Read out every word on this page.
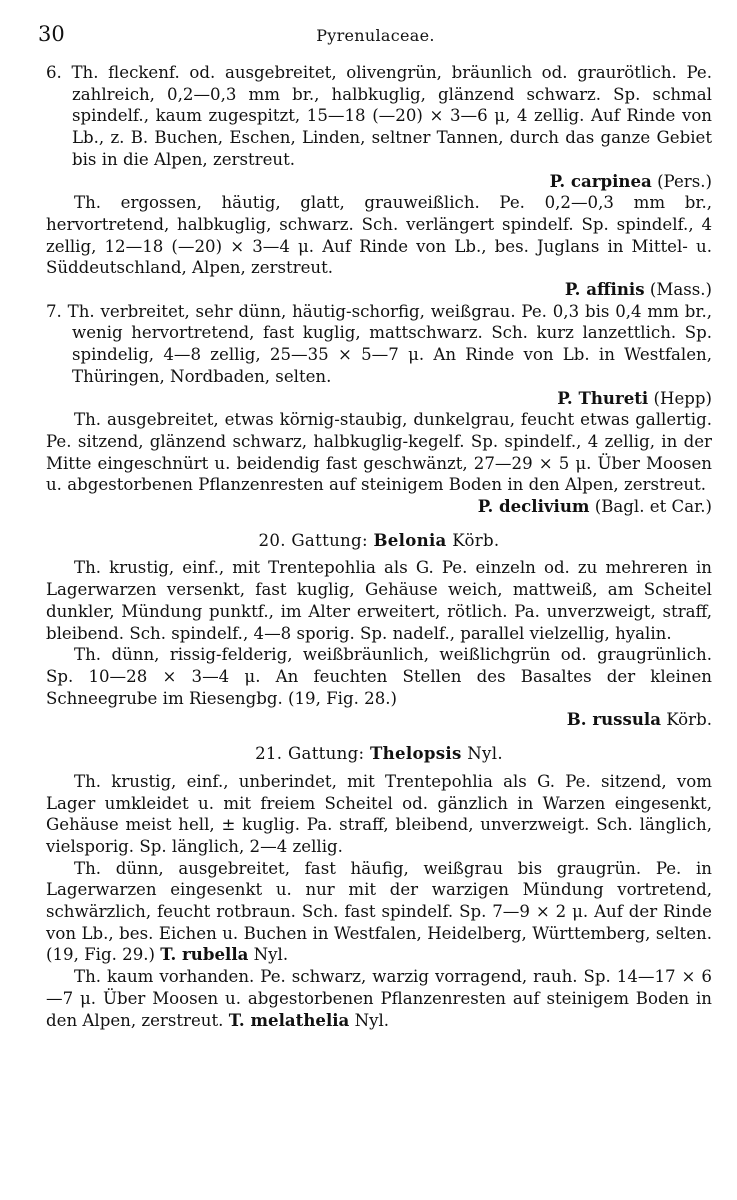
30	Pyrenulaceae.

6. Th. fleckenf. od. ausgebreitet, olivengrün, bräunlich od. graurötlich. Pe. zahlreich, 0,2—0,3 mm br., halbkuglig, glänzend schwarz. Sp. schmal spindelf., kaum zugespitzt, 15—18 (—20) × 3—6 μ, 4 zellig. Auf Rinde von Lb., z. B. Buchen, Eschen, Linden, seltner Tannen, durch das ganze Gebiet bis in die Alpen, zerstreut.

P. carpinea (Pers.)

Th. ergossen, häutig, glatt, grauweißlich. Pe. 0,2—0,3 mm br., hervortretend, halbkuglig, schwarz. Sch. verlängert spindelf. Sp. spindelf., 4 zellig, 12—18 (—20) × 3—4 μ. Auf Rinde von Lb., bes. Juglans in Mittel- u. Süddeutschland, Alpen, zerstreut.

P. affinis (Mass.)

7. Th. verbreitet, sehr dünn, häutig-schorfig, weißgrau. Pe. 0,3 bis 0,4 mm br., wenig hervortretend, fast kuglig, mattschwarz. Sch. kurz lanzettlich. Sp. spindelig, 4—8 zellig, 25—35 × 5—7 μ. An Rinde von Lb. in Westfalen, Thüringen, Nordbaden, selten.

P. Thureti (Hepp)

Th. ausgebreitet, etwas körnig-staubig, dunkelgrau, feucht etwas gallertig. Pe. sitzend, glänzend schwarz, halbkuglig-kegelf. Sp. spindelf., 4 zellig, in der Mitte eingeschnürt u. beidendig fast geschwänzt, 27—29 × 5 μ. Über Moosen u. abgestorbenen Pflanzenresten auf steinigem Boden in den Alpen, zerstreut.

P. declivium (Bagl. et Car.)

20. Gattung: Belonia Körb.

Th. krustig, einf., mit Trentepohlia als G. Pe. einzeln od. zu mehreren in Lagerwarzen versenkt, fast kuglig, Gehäuse weich, mattweiß, am Scheitel dunkler, Mündung punktf., im Alter erweitert, rötlich. Pa. unverzweigt, straff, bleibend. Sch. spindelf., 4—8 sporig. Sp. nadelf., parallel vielzellig, hyalin.

Th. dünn, rissig-felderig, weißbräunlich, weißlichgrün od. graugrünlich. Sp. 10—28 × 3—4 μ. An feuchten Stellen des Basaltes der kleinen Schneegrube im Riesengbg. (19, Fig. 28.)

B. russula Körb.

21. Gattung: Thelopsis Nyl.

Th. krustig, einf., unberindet, mit Trentepohlia als G. Pe. sitzend, vom Lager umkleidet u. mit freiem Scheitel od. gänzlich in Warzen eingesenkt, Gehäuse meist hell, ± kuglig. Pa. straff, bleibend, unverzweigt. Sch. länglich, vielsporig. Sp. länglich, 2—4 zellig.

Th. dünn, ausgebreitet, fast häufig, weißgrau bis graugrün. Pe. in Lagerwarzen eingesenkt u. nur mit der warzigen Mündung vortretend, schwärzlich, feucht rotbraun. Sch. fast spindelf. Sp. 7—9 × 2 μ. Auf der Rinde von Lb., bes. Eichen u. Buchen in Westfalen, Heidelberg, Württemberg, selten. (19, Fig. 29.) T. rubella Nyl.

Th. kaum vorhanden. Pe. schwarz, warzig vorragend, rauh. Sp. 14—17 × 6—7 μ. Über Moosen u. abgestorbenen Pflanzenresten auf steinigem Boden in den Alpen, zerstreut. T. melathelia Nyl.
